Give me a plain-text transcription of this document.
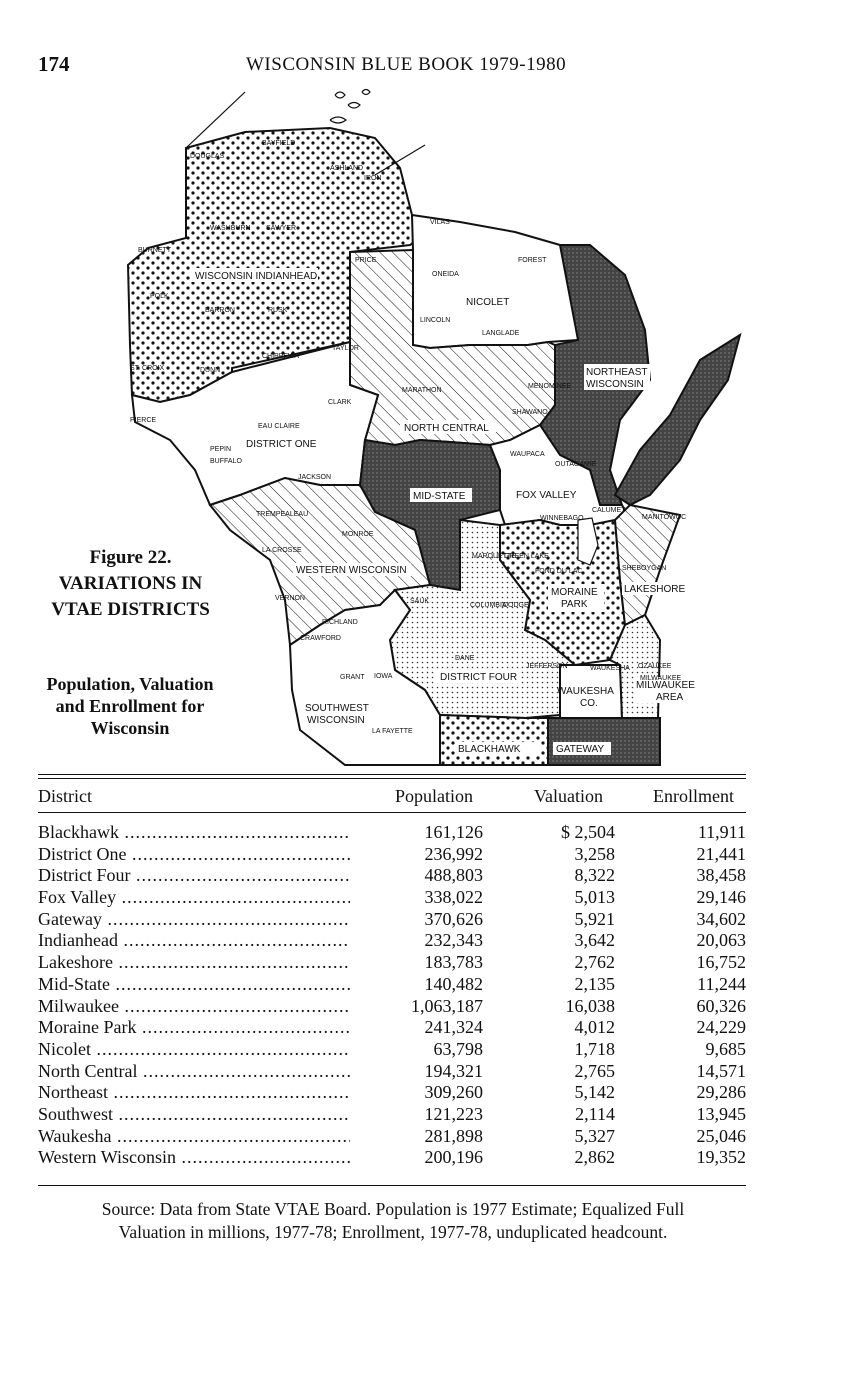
174	WISCONSIN BLUE BOOK 1979-1980
WISCONSIN INDIANHEAD
NICOLET
NORTHEAST
WISCONSIN
NORTH CENTRAL
DISTRICT ONE
MID-STATE	FOX VALLEY
WESTERN WISCONSIN
MORAINE
PARK
LAKESHORE
DISTRICT FOUR
WAUKESHA
CO.
MILWAUKEE
AREA
SOUTHWEST
WISCONSIN
BLACKHAWK	GATEWAY
DOUGLAS
BAYFIELD
ASHLAND
IRON
VILAS
WASHBURN SAWYER
BURNETT
POLK
BARRON	RUSK
PRICE
ONEIDA
FOREST
LINCOLN
LANGLADE
TAYLOR
CHIPPEWA
DUNN
ST. CROIX
PIERCE
EAU CLAIRE
CLARK
MARATHON
SHAWANO
MENOMINEE
PEPIN
BUFFALO
JACKSON
OUTAGAMIE
WAUPACA
TREMPEALEAU
MONROE
WINNEBAGO
CALUMET
MANITOWOC
LA CROSSE
VERNON
RICHLAND
SAUK
COLUMBIA
DODGE
FOND DU LAC	SHEBOYGAN
CRAWFORD
GRANT IOWA
DANE
JEFFERSON	WAUKESHA OZAUKEE
MILWAUKEE
LA FAYETTE
GREEN LAKE
MARQUETTE
Figure 22.
VARIATIONS IN
VTAE DISTRICTS
Population, Valuation
and Enrollment for
Wisconsin
District	Population	Valuation	Enrollment
Blackhawk .....	161,126	$ 2,504	11,911
District One .....	236,992	3,258	21,441
District Four .....	488,803	8,322	38,458
Fox Valley .....	338,022	5,013	29,146
Gateway .....	370,626	5,921	34,602
Indianhead .....	232,343	3,642	20,063
Lakeshore .....	183,783	2,762	16,752
Mid-State .....	140,482	2,135	11,244
Milwaukee .....	1,063,187	16,038	60,326
Moraine Park .....	241,324	4,012	24,229
Nicolet .....	63,798	1,718	9,685
North Central .....	194,321	2,765	14,571
Northeast .....	309,260	5,142	29,286
Southwest .....	121,223	2,114	13,945
Waukesha .....	281,898	5,327	25,046
Western Wisconsin .....	200,196	2,862	19,352
Source: Data from State VTAE Board. Population is 1977 Estimate; Equalized Full
Valuation in millions, 1977-78; Enrollment, 1977-78, unduplicated headcount.
